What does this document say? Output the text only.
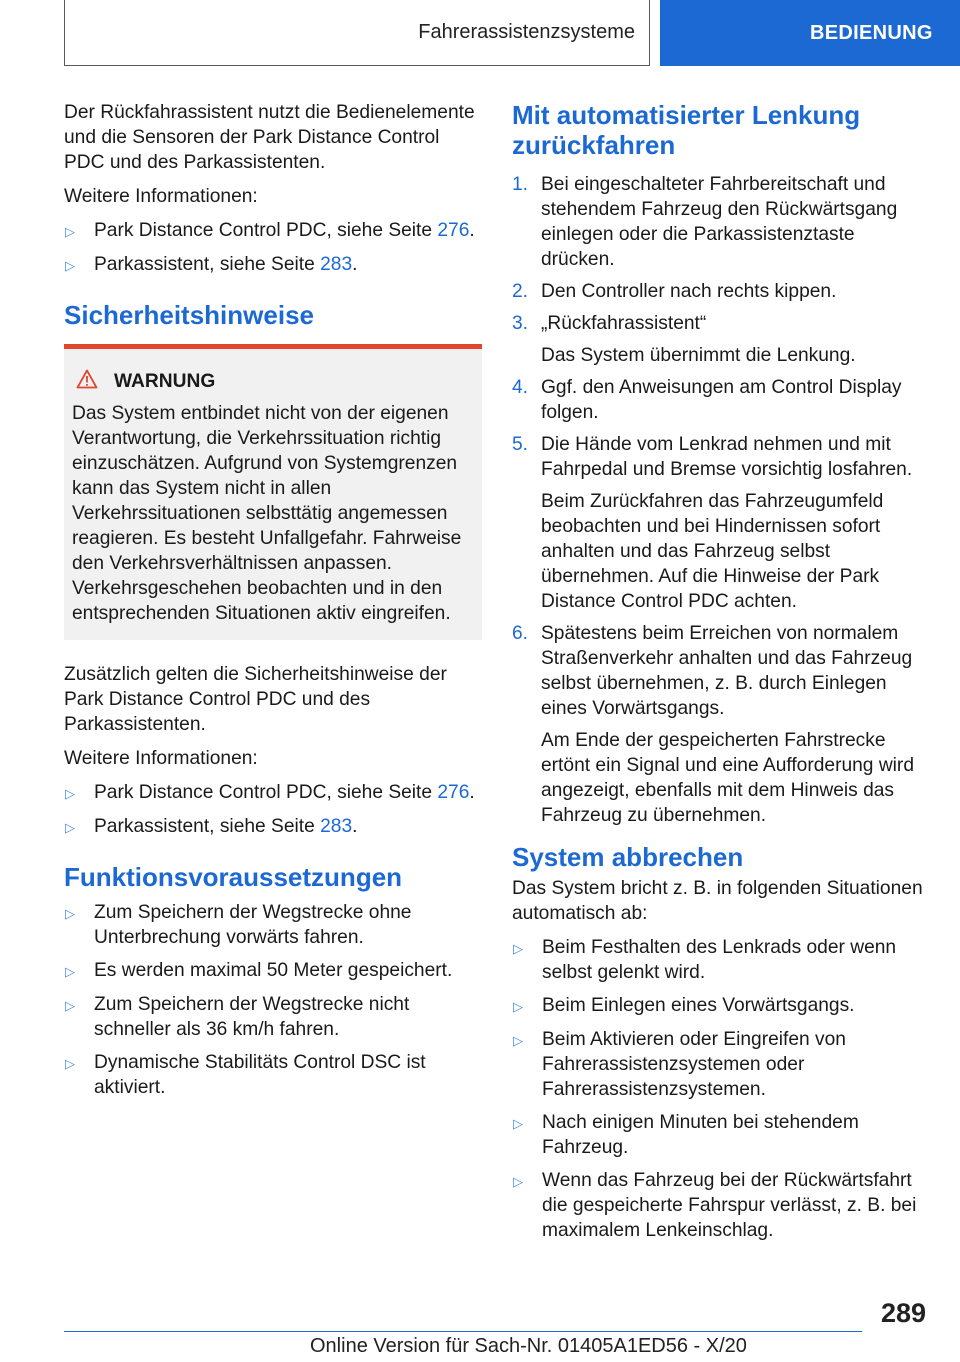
Fahrerassistenzsysteme	BEDIENUNG

Der Rückfahrassistent nutzt die Bedienelemente und die Sensoren der Park Distance Control PDC und des Parkassistenten.

Weitere Informationen:

▷ Park Distance Control PDC, siehe Seite 276.
▷ Parkassistent, siehe Seite 283.
Sicherheitshinweise
WARNUNG

Das System entbindet nicht von der eigenen Verantwortung, die Verkehrssituation richtig einzuschätzen. Aufgrund von Systemgrenzen kann das System nicht in allen Verkehrssituationen selbsttätig angemessen reagieren. Es besteht Unfallgefahr. Fahrweise den Verkehrsverhältnissen anpassen. Verkehrsgeschehen beobachten und in den entsprechenden Situationen aktiv eingreifen.

Zusätzlich gelten die Sicherheitshinweise der Park Distance Control PDC und des Parkassistenten.

Weitere Informationen:

▷ Park Distance Control PDC, siehe Seite 276.
▷ Parkassistent, siehe Seite 283.
Funktionsvoraussetzungen
▷ Zum Speichern der Wegstrecke ohne Unterbrechung vorwärts fahren.
▷ Es werden maximal 50 Meter gespeichert.
▷ Zum Speichern der Wegstrecke nicht schneller als 36 km/h fahren.
▷ Dynamische Stabilitäts Control DSC ist aktiviert.
Mit automatisierter Lenkung zurückfahren
1. Bei eingeschalteter Fahrbereitschaft und stehendem Fahrzeug den Rückwärtsgang einlegen oder die Parkassistenztaste drücken.
2. Den Controller nach rechts kippen.
3. „Rückfahrassistent“
Das System übernimmt die Lenkung.
4. Ggf. den Anweisungen am Control Display folgen.
5. Die Hände vom Lenkrad nehmen und mit Fahrpedal und Bremse vorsichtig losfahren.
Beim Zurückfahren das Fahrzeugumfeld beobachten und bei Hindernissen sofort anhalten und das Fahrzeug selbst übernehmen. Auf die Hinweise der Park Distance Control PDC achten.
6. Spätestens beim Erreichen von normalem Straßenverkehr anhalten und das Fahrzeug selbst übernehmen, z. B. durch Einlegen eines Vorwärtsgangs.
Am Ende der gespeicherten Fahrstrecke ertönt ein Signal und eine Aufforderung wird angezeigt, ebenfalls mit dem Hinweis das Fahrzeug zu übernehmen.
System abbrechen

Das System bricht z. B. in folgenden Situationen automatisch ab:

▷ Beim Festhalten des Lenkrads oder wenn selbst gelenkt wird.
▷ Beim Einlegen eines Vorwärtsgangs.
▷ Beim Aktivieren oder Eingreifen von Fahrerassistenzsystemen oder Fahrerassistenzsystemen.
▷ Nach einigen Minuten bei stehendem Fahrzeug.
▷ Wenn das Fahrzeug bei der Rückwärtsfahrt die gespeicherte Fahrspur verlässt, z. B. bei maximalem Lenkeinschlag.
289
Online Version für Sach-Nr. 01405A1ED56 - X/20
